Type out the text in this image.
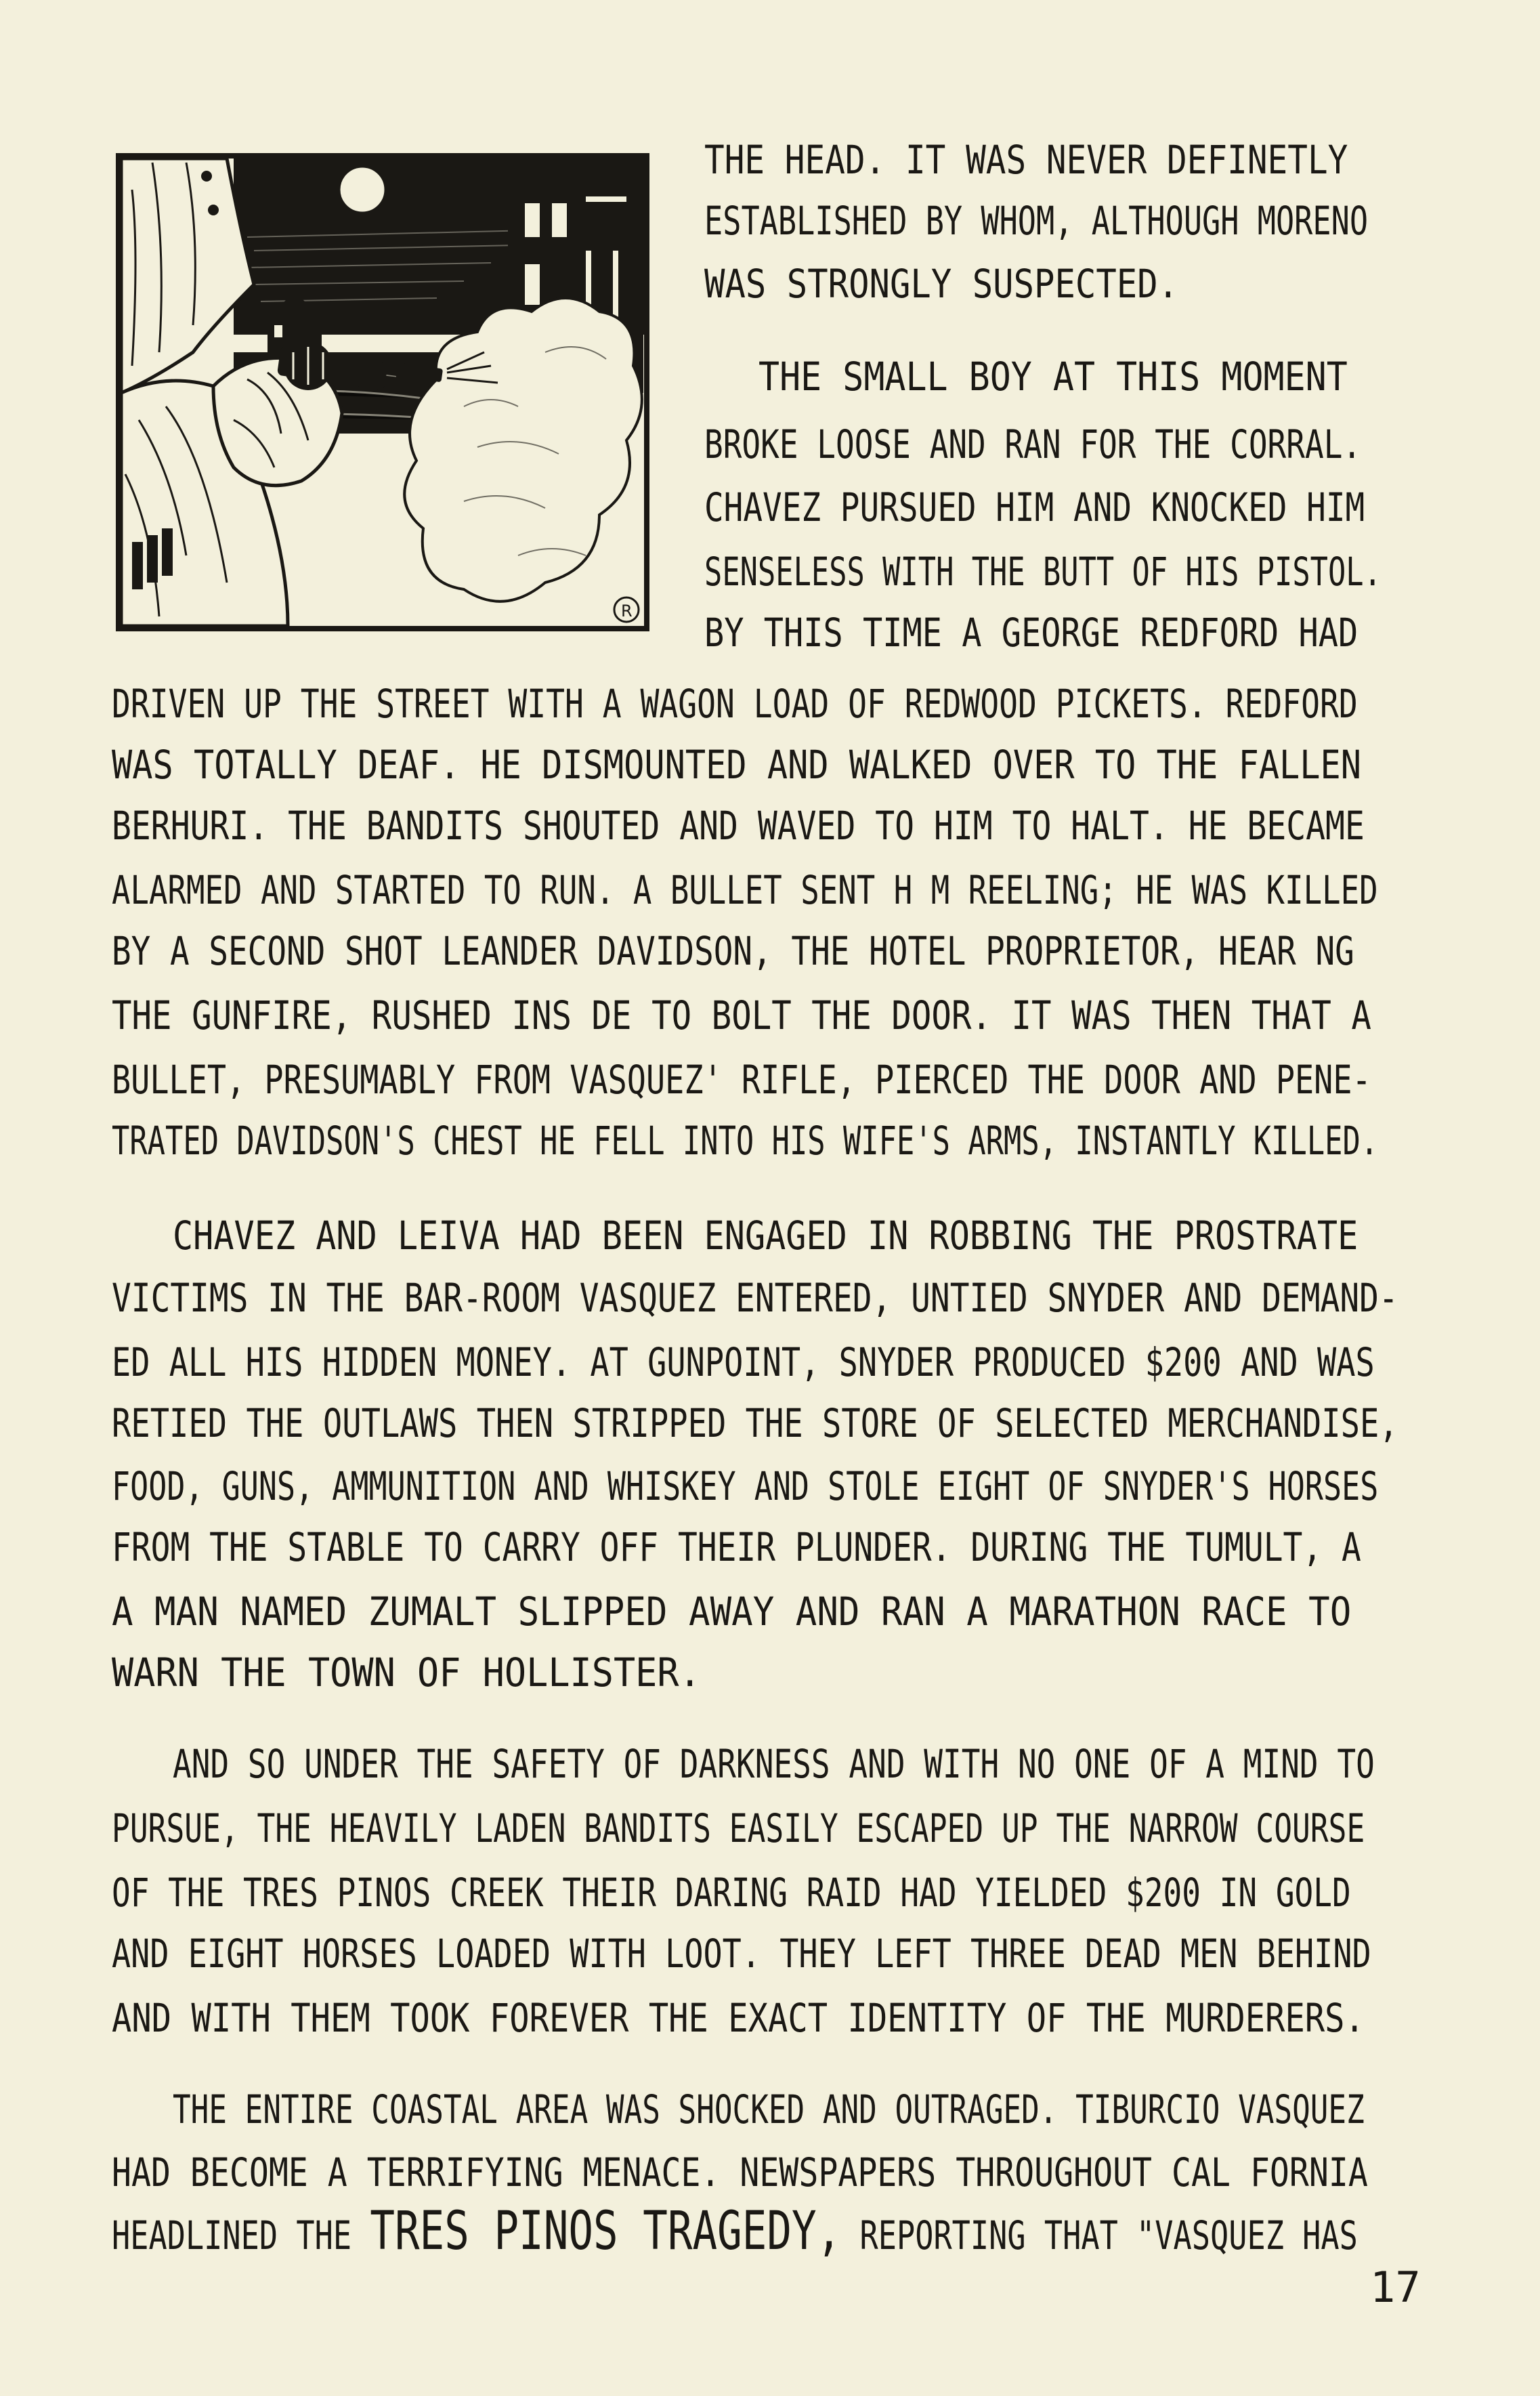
R
THE HEAD. IT WAS NEVER DEFINETLY
ESTABLISHED BY WHOM, ALTHOUGH MORENO
WAS STRONGLY SUSPECTED.
THE SMALL BOY AT THIS MOMENT
BROKE LOOSE AND RAN FOR THE CORRAL.
CHAVEZ PURSUED HIM AND KNOCKED HIM
SENSELESS WITH THE BUTT OF HIS PISTOL.
BY THIS TIME A GEORGE REDFORD HAD
DRIVEN UP THE STREET WITH A WAGON LOAD OF REDWOOD PICKETS. REDFORD
WAS TOTALLY DEAF. HE DISMOUNTED AND WALKED OVER TO THE FALLEN
BERHURI. THE BANDITS SHOUTED AND WAVED TO HIM TO HALT. HE BECAME
ALARMED AND STARTED TO RUN. A BULLET SENT H M REELING; HE WAS KILLED
BY A SECOND SHOT LEANDER DAVIDSON, THE HOTEL PROPRIETOR, HEAR NG
THE GUNFIRE, RUSHED INS DE TO BOLT THE DOOR. IT WAS THEN THAT A
BULLET, PRESUMABLY FROM VASQUEZ' RIFLE, PIERCED THE DOOR AND PENE-
TRATED DAVIDSON'S CHEST HE FELL INTO HIS WIFE'S ARMS, INSTANTLY KILLED.
CHAVEZ AND LEIVA HAD BEEN ENGAGED IN ROBBING THE PROSTRATE
VICTIMS IN THE BAR-ROOM VASQUEZ ENTERED, UNTIED SNYDER AND DEMAND-
ED ALL HIS HIDDEN MONEY. AT GUNPOINT, SNYDER PRODUCED $200 AND WAS
RETIED THE OUTLAWS THEN STRIPPED THE STORE OF SELECTED MERCHANDISE,
FOOD, GUNS, AMMUNITION AND WHISKEY AND STOLE EIGHT OF SNYDER'S HORSES
FROM THE STABLE TO CARRY OFF THEIR PLUNDER. DURING THE TUMULT, A
A MAN NAMED ZUMALT SLIPPED AWAY AND RAN A MARATHON RACE TO
WARN THE TOWN OF HOLLISTER.
AND SO UNDER THE SAFETY OF DARKNESS AND WITH NO ONE OF A MIND TO
PURSUE, THE HEAVILY LADEN BANDITS EASILY ESCAPED UP THE NARROW COURSE
OF THE TRES PINOS CREEK THEIR DARING RAID HAD YIELDED $200 IN GOLD
AND EIGHT HORSES LOADED WITH LOOT. THEY LEFT THREE DEAD MEN BEHIND
AND WITH THEM TOOK FOREVER THE EXACT IDENTITY OF THE MURDERERS.
THE ENTIRE COASTAL AREA WAS SHOCKED AND OUTRAGED. TIBURCIO VASQUEZ
HAD BECOME A TERRIFYING MENACE. NEWSPAPERS THROUGHOUT CAL FORNIA
HEADLINED THE TRES PINOS TRAGEDY, REPORTING THAT "VASQUEZ HAS
17
